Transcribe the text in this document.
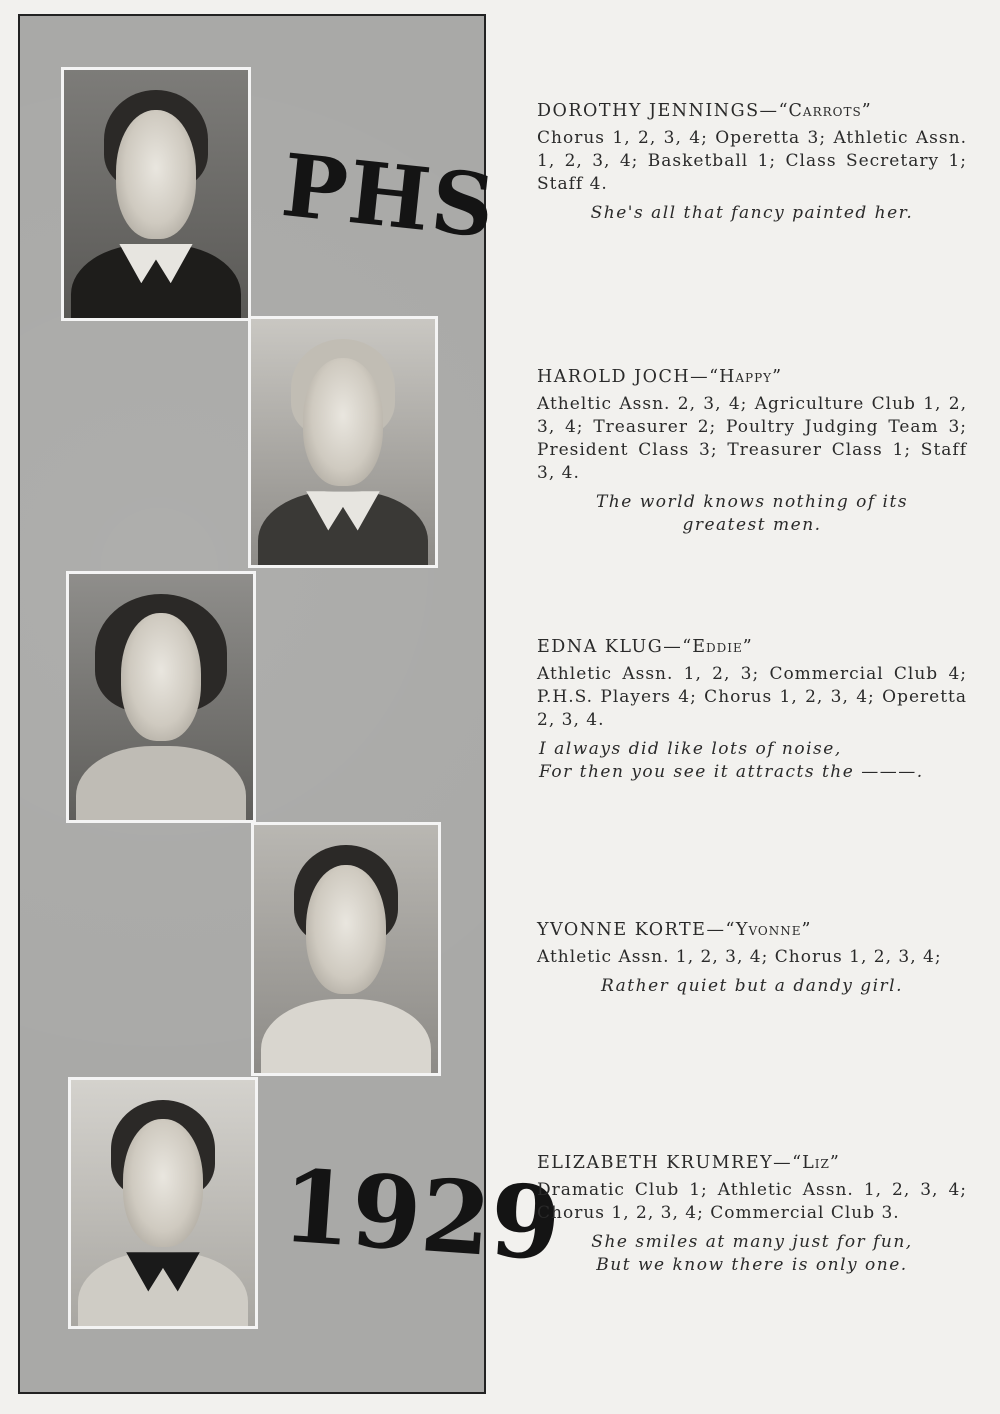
PHS
1929
DOROTHY JENNINGS—“Carrots”
Chorus 1, 2, 3, 4; Operetta 3; Athletic Assn. 1, 2, 3, 4; Basketball 1; Class Secretary 1; Staff 4.
She's all that fancy painted her.
HAROLD JOCH—“Happy”
Atheltic Assn. 2, 3, 4; Agriculture Club 1, 2, 3, 4; Treasurer 2; Poultry Judging Team 3; President Class 3; Treasurer Class 1; Staff 3, 4.
The world knows nothing of its
greatest men.
EDNA KLUG—“Eddie”
Athletic Assn. 1, 2, 3; Commercial Club 4; P.H.S. Players 4; Chorus 1, 2, 3, 4; Operetta 2, 3, 4.
I always did like lots of noise,
For then you see it attracts the ———.
YVONNE KORTE—“Yvonne”
Athletic Assn. 1, 2, 3, 4; Chorus 1, 2, 3, 4;
Rather quiet but a dandy girl.
ELIZABETH KRUMREY—“Liz”
Dramatic Club 1; Athletic Assn. 1, 2, 3, 4; Chorus 1, 2, 3, 4; Commercial Club 3.
She smiles at many just for fun,
But we know there is only one.
